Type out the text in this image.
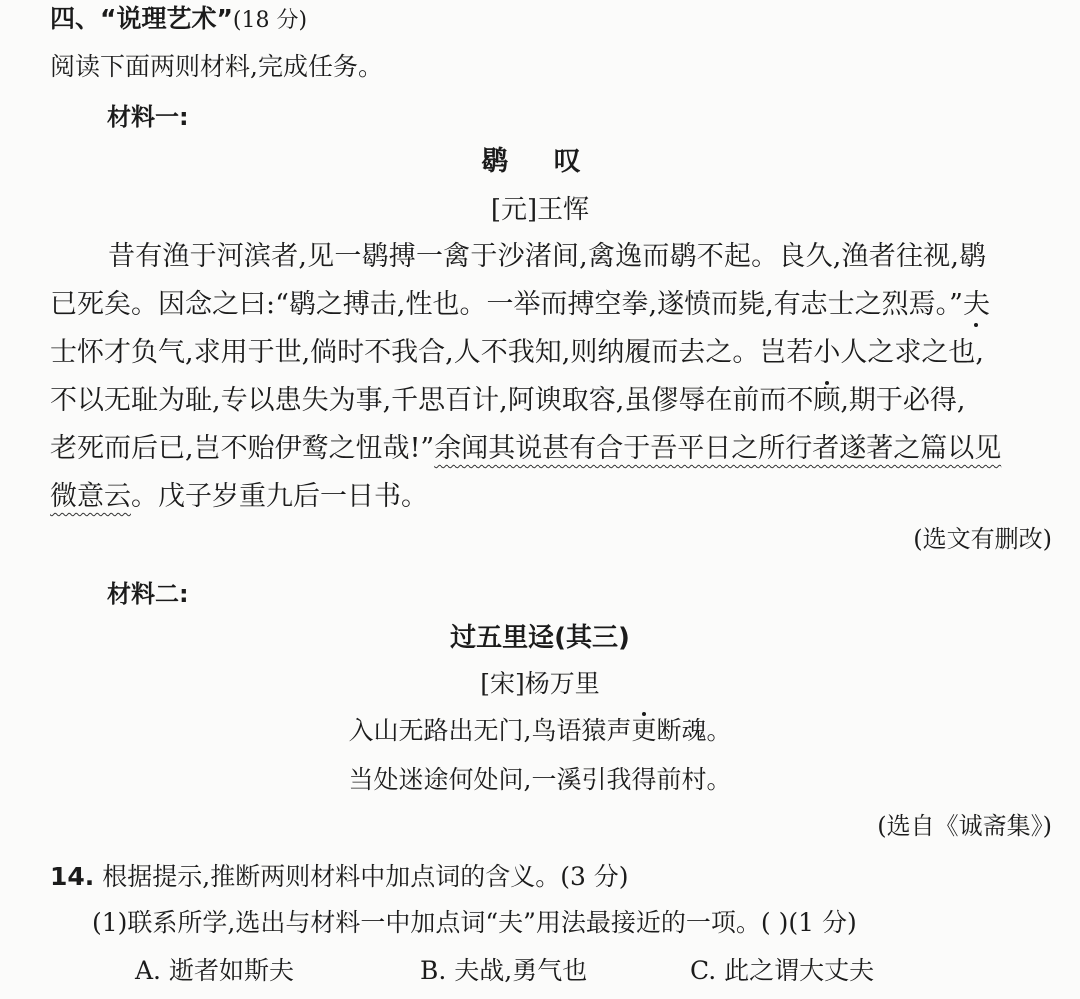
四、“说理艺术”(18 分)
阅读下面两则材料,完成任务。
材料一:
鹖 叹
[元]王恽
昔有渔于河滨者,见一鹖搏一禽于沙渚间,禽逸而鹖不起。良久,渔者往视,鹖
已死矣。因念之曰:“鹖之搏击,性也。一举而搏空拳,遂愤而毙,有志士之烈焉。”夫
士怀才负气,求用于世,倘时不我合,人不我知,则纳履而去之。岂若小人之求之也,
不以无耻为耻,专以患失为事,千思百计,阿谀取容,虽僇辱在前而不顾,期于必得,
老死而后已,岂不贻伊鹜之忸哉!”余闻其说甚有合于吾平日之所行者遂著之篇以见
微意云。戊子岁重九后一日书。
(选文有删改)
材料二:
过五里迳(其三)
[宋]杨万里
入山无路出无门,鸟语猿声更断魂。
当处迷途何处问,一溪引我得前村。
(选自《诚斋集》)
14. 根据提示,推断两则材料中加点词的含义。(3 分)
(1)联系所学,选出与材料一中加点词“夫”用法最接近的一项。( )(1 分)
A. 逝者如斯夫	B. 夫战,勇气也	C. 此之谓大丈夫
